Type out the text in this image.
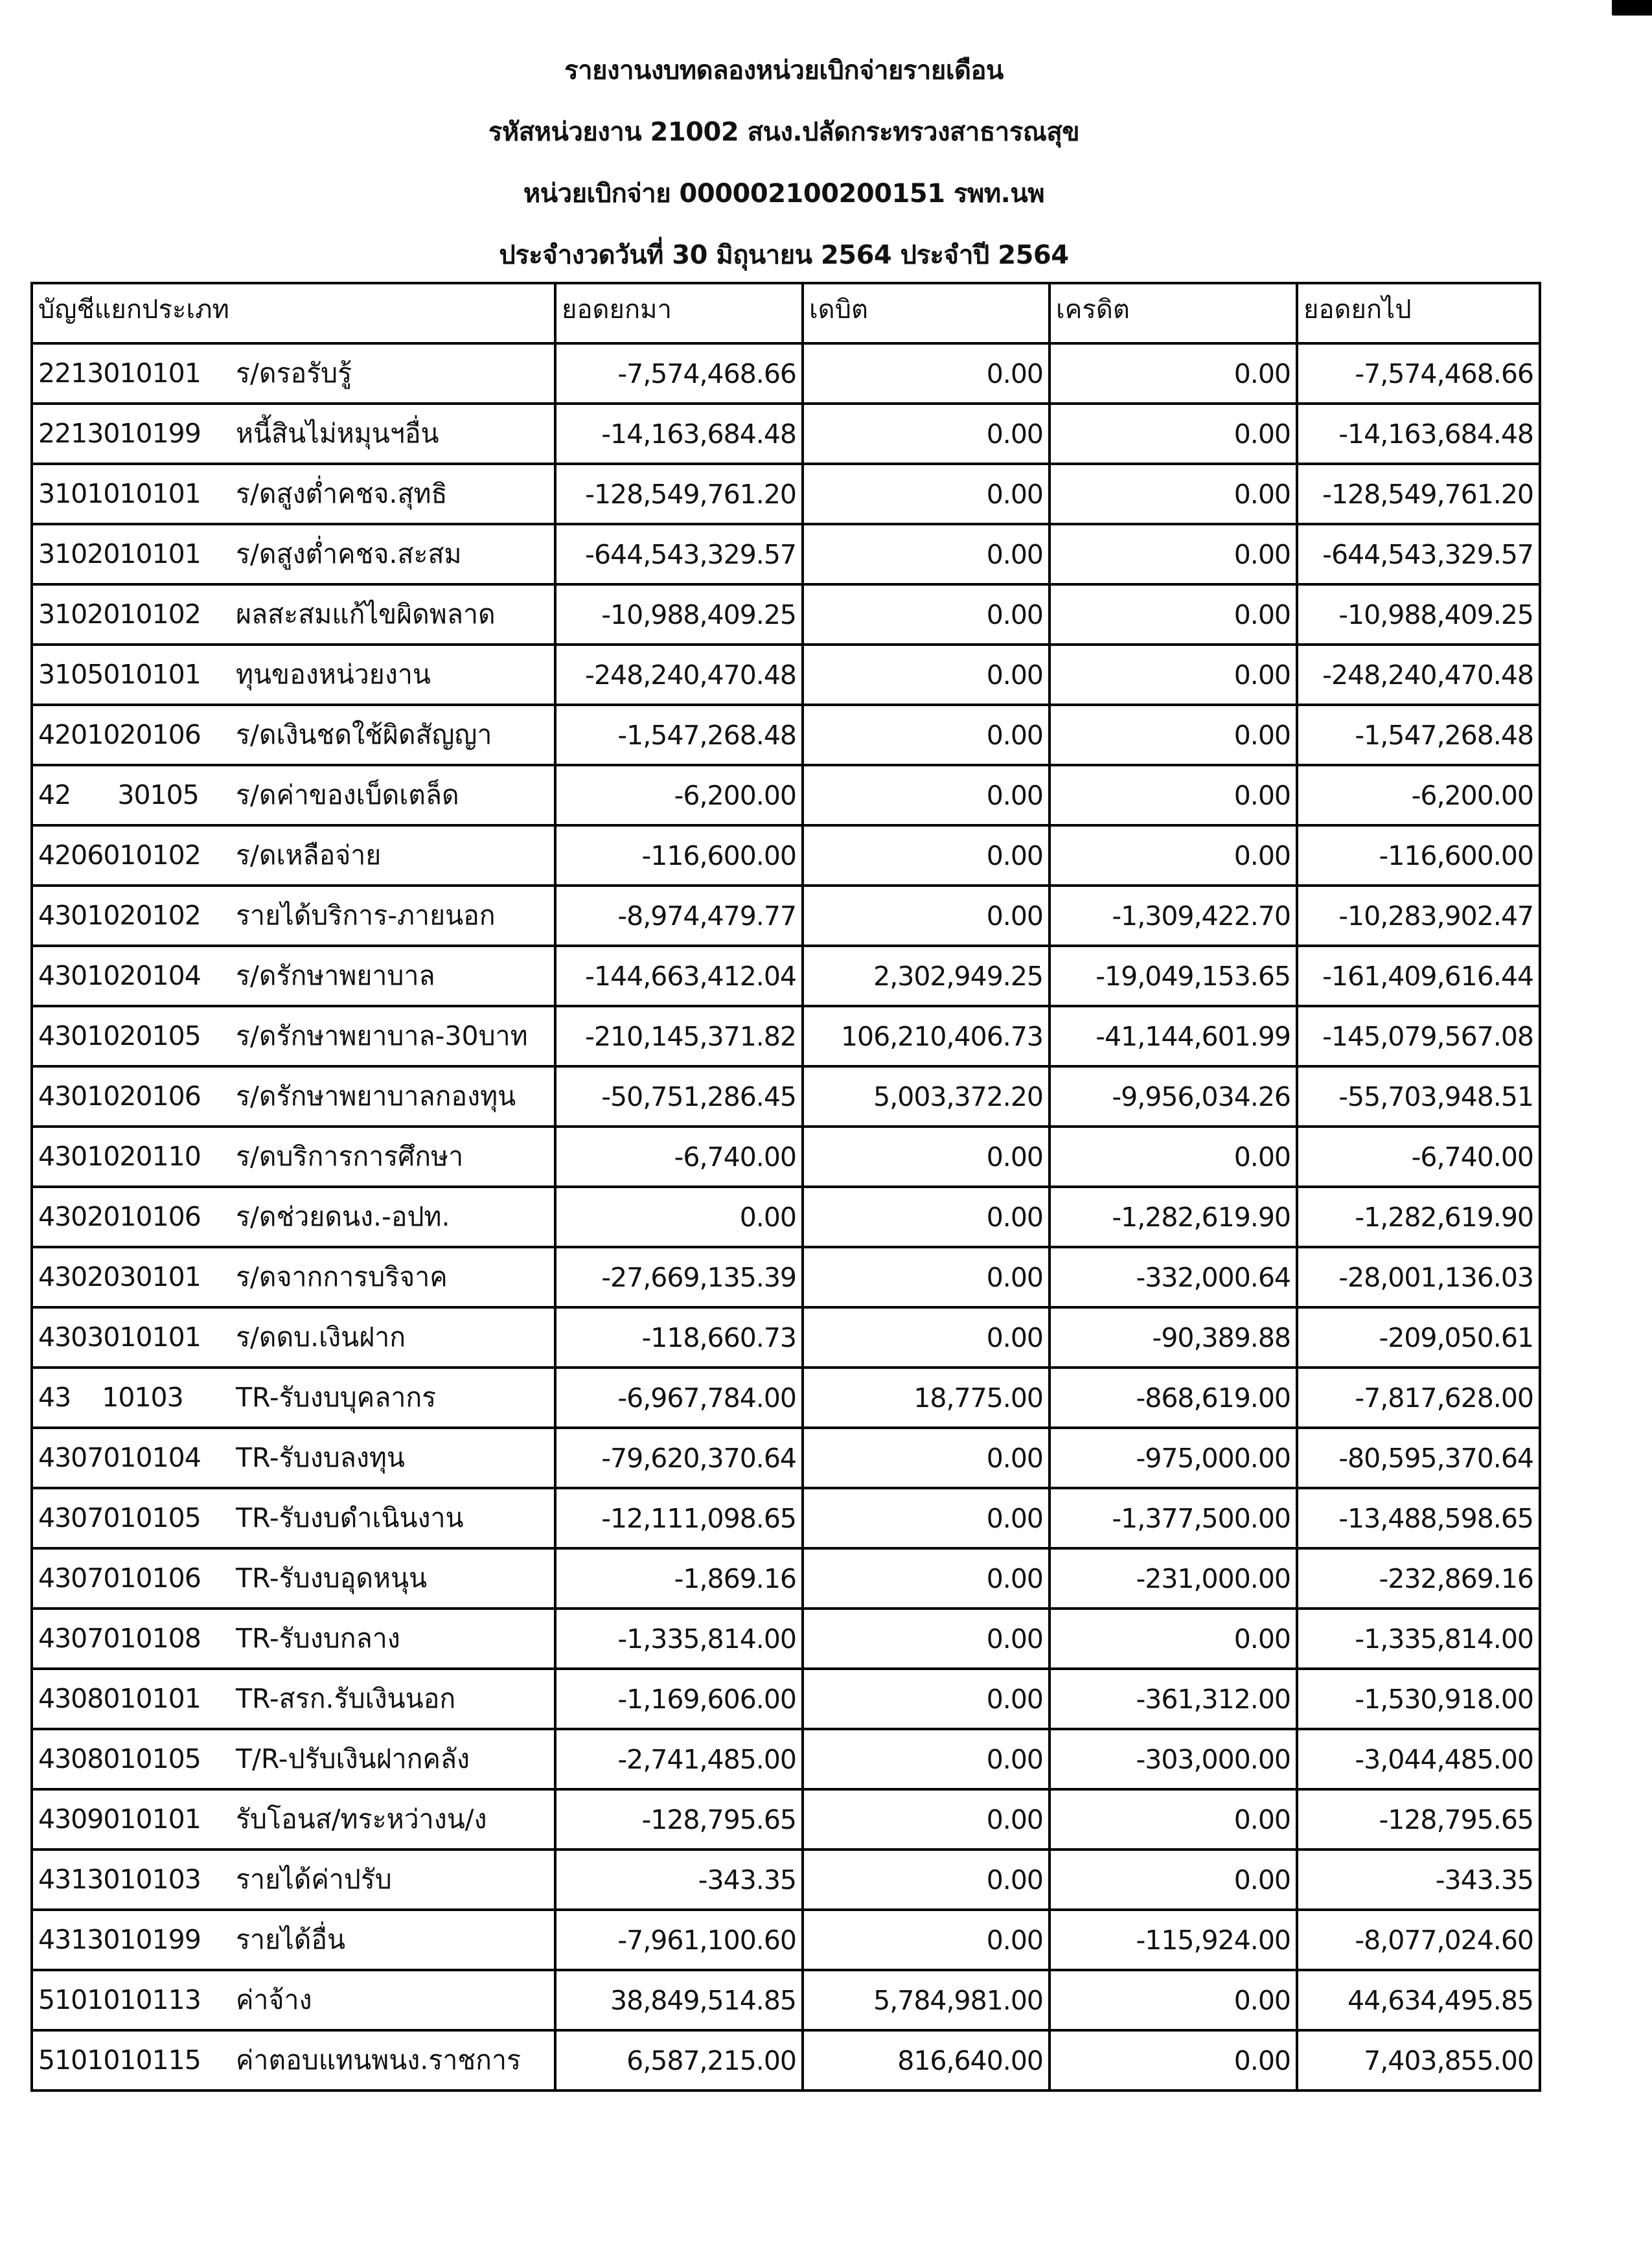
รายงานงบทดลองหน่วยเบิกจ่ายรายเดือน
รหัสหน่วยงาน 21002 สนง.ปลัดกระทรวงสาธารณสุข
หน่วยเบิกจ่าย 000002100200151 รพท.นพ
ประจำงวดวันที่ 30 มิถุนายน 2564 ประจำปี 2564
บัญชีแยกประเภท	ยอดยกมา	เดบิต	เครดิต	ยอดยกไป
2213010101 ร/ดรอรับรู้	-7,574,468.66	0.00	0.00	-7,574,468.66
2213010199 หนี้สินไม่หมุนฯอื่น	-14,163,684.48	0.00	0.00	-14,163,684.48
3101010101 ร/ดสูงต่ำคชจ.สุทธิ	-128,549,761.20	0.00	0.00	-128,549,761.20
3102010101 ร/ดสูงต่ำคชจ.สะสม	-644,543,329.57	0.00	0.00	-644,543,329.57
3102010102 ผลสะสมแก้ไขผิดพลาด	-10,988,409.25	0.00	0.00	-10,988,409.25
3105010101 ทุนของหน่วยงาน	-248,240,470.48	0.00	0.00	-248,240,470.48
4201020106 ร/ดเงินชดใช้ผิดสัญญา	-1,547,268.48	0.00	0.00	-1,547,268.48
42      30105 ร/ดค่าของเบ็ดเตล็ด	-6,200.00	0.00	0.00	-6,200.00
4206010102 ร/ดเหลือจ่าย	-116,600.00	0.00	0.00	-116,600.00
4301020102 รายได้บริการ-ภายนอก	-8,974,479.77	0.00	-1,309,422.70	-10,283,902.47
4301020104 ร/ดรักษาพยาบาล	-144,663,412.04	2,302,949.25	-19,049,153.65	-161,409,616.44
4301020105 ร/ดรักษาพยาบาล-30บาท	-210,145,371.82	106,210,406.73	-41,144,601.99	-145,079,567.08
4301020106 ร/ดรักษาพยาบาลกองทุน	-50,751,286.45	5,003,372.20	-9,956,034.26	-55,703,948.51
4301020110 ร/ดบริการการศึกษา	-6,740.00	0.00	0.00	-6,740.00
4302010106 ร/ดช่วยดนง.-อปท.	0.00	0.00	-1,282,619.90	-1,282,619.90
4302030101 ร/ดจากการบริจาค	-27,669,135.39	0.00	-332,000.64	-28,001,136.03
4303010101 ร/ดดบ.เงินฝาก	-118,660.73	0.00	-90,389.88	-209,050.61
43    10103 TR-รับงบบุคลากร	-6,967,784.00	18,775.00	-868,619.00	-7,817,628.00
4307010104 TR-รับงบลงทุน	-79,620,370.64	0.00	-975,000.00	-80,595,370.64
4307010105 TR-รับงบดำเนินงาน	-12,111,098.65	0.00	-1,377,500.00	-13,488,598.65
4307010106 TR-รับงบอุดหนุน	-1,869.16	0.00	-231,000.00	-232,869.16
4307010108 TR-รับงบกลาง	-1,335,814.00	0.00	0.00	-1,335,814.00
4308010101 TR-สรก.รับเงินนอก	-1,169,606.00	0.00	-361,312.00	-1,530,918.00
4308010105 T/R-ปรับเงินฝากคลัง	-2,741,485.00	0.00	-303,000.00	-3,044,485.00
4309010101 รับโอนส/ทระหว่างน/ง	-128,795.65	0.00	0.00	-128,795.65
4313010103 รายได้ค่าปรับ	-343.35	0.00	0.00	-343.35
4313010199 รายได้อื่น	-7,961,100.60	0.00	-115,924.00	-8,077,024.60
5101010113 ค่าจ้าง	38,849,514.85	5,784,981.00	0.00	44,634,495.85
5101010115 ค่าตอบแทนพนง.ราชการ	6,587,215.00	816,640.00	0.00	7,403,855.00
